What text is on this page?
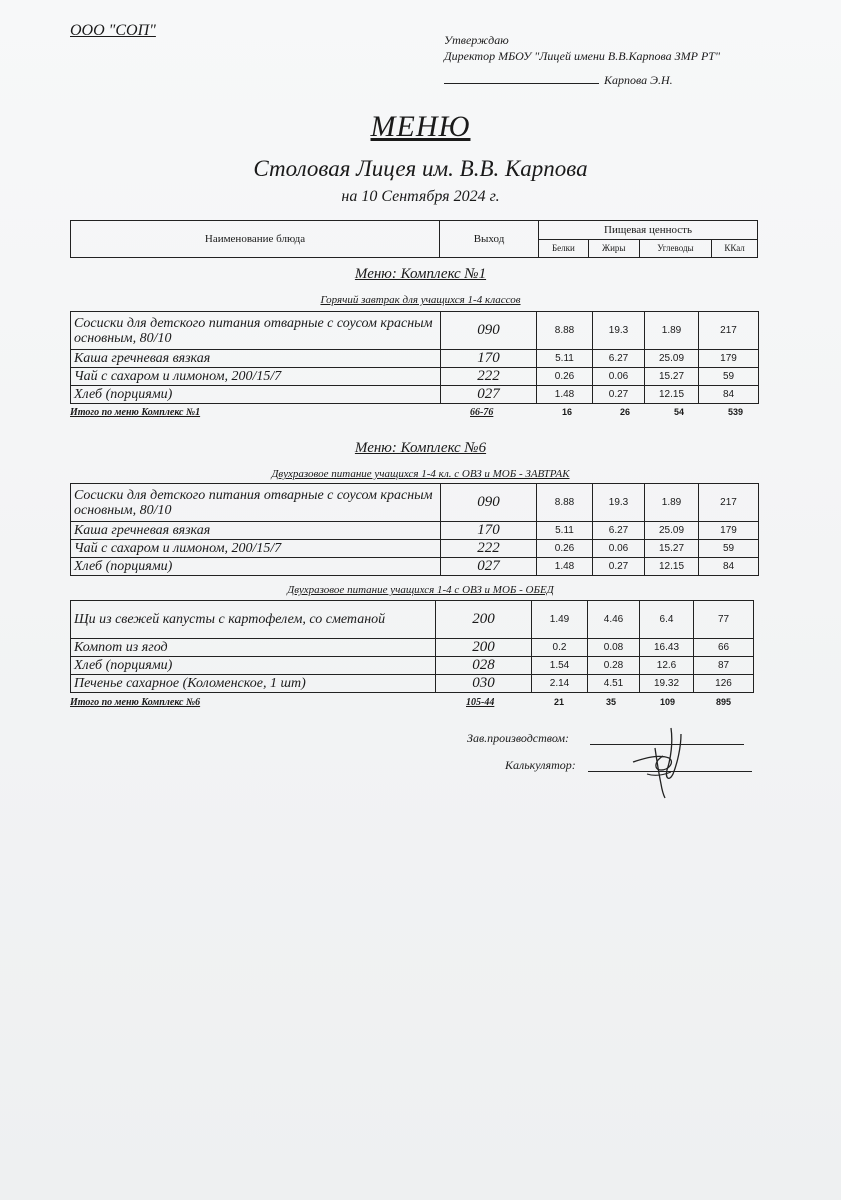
ООО "СОП"
Утверждаю
Директор МБОУ "Лицей имени В.В.Карпова ЗМР РТ"
Карпова Э.Н.
МЕНЮ
Столовая Лицея им. В.В. Карпова
на 10 Сентября 2024 г.
Наименование блюда	Выход	Пищевая ценность			
		Белки	Жиры	Углеводы	ККал
Меню: Комплекс №1
Горячий завтрак для учащихся 1-4 классов
Сосиски для детского питания отварные с соусом красным основным, 80/10	090	8.88	19.3	1.89	217
Каша гречневая вязкая	170	5.11	6.27	25.09	179
Чай с сахаром и лимоном, 200/15/7	222	0.26	0.06	15.27	59
Хлеб (порциями)	027	1.48	0.27	12.15	84
Итого по меню Комплекс №1	66-76	16	26	54	539
Меню: Комплекс №6
Двухразовое питание учащихся 1-4 кл. с ОВЗ и МОБ - ЗАВТРАК
Сосиски для детского питания отварные с соусом красным основным, 80/10	090	8.88	19.3	1.89	217
Каша гречневая вязкая	170	5.11	6.27	25.09	179
Чай с сахаром и лимоном, 200/15/7	222	0.26	0.06	15.27	59
Хлеб (порциями)	027	1.48	0.27	12.15	84
Двухразовое питание учащихся 1-4 с ОВЗ и МОБ - ОБЕД
Щи из свежей капусты с картофелем, со сметаной	200	1.49	4.46	6.4	77
Компот из ягод	200	0.2	0.08	16.43	66
Хлеб (порциями)	028	1.54	0.28	12.6	87
Печенье сахарное (Коломенское, 1 шт)	030	2.14	4.51	19.32	126
Итого по меню Комплекс №6	105-44	21	35	109	895
Зав.производством:
Калькулятор:
